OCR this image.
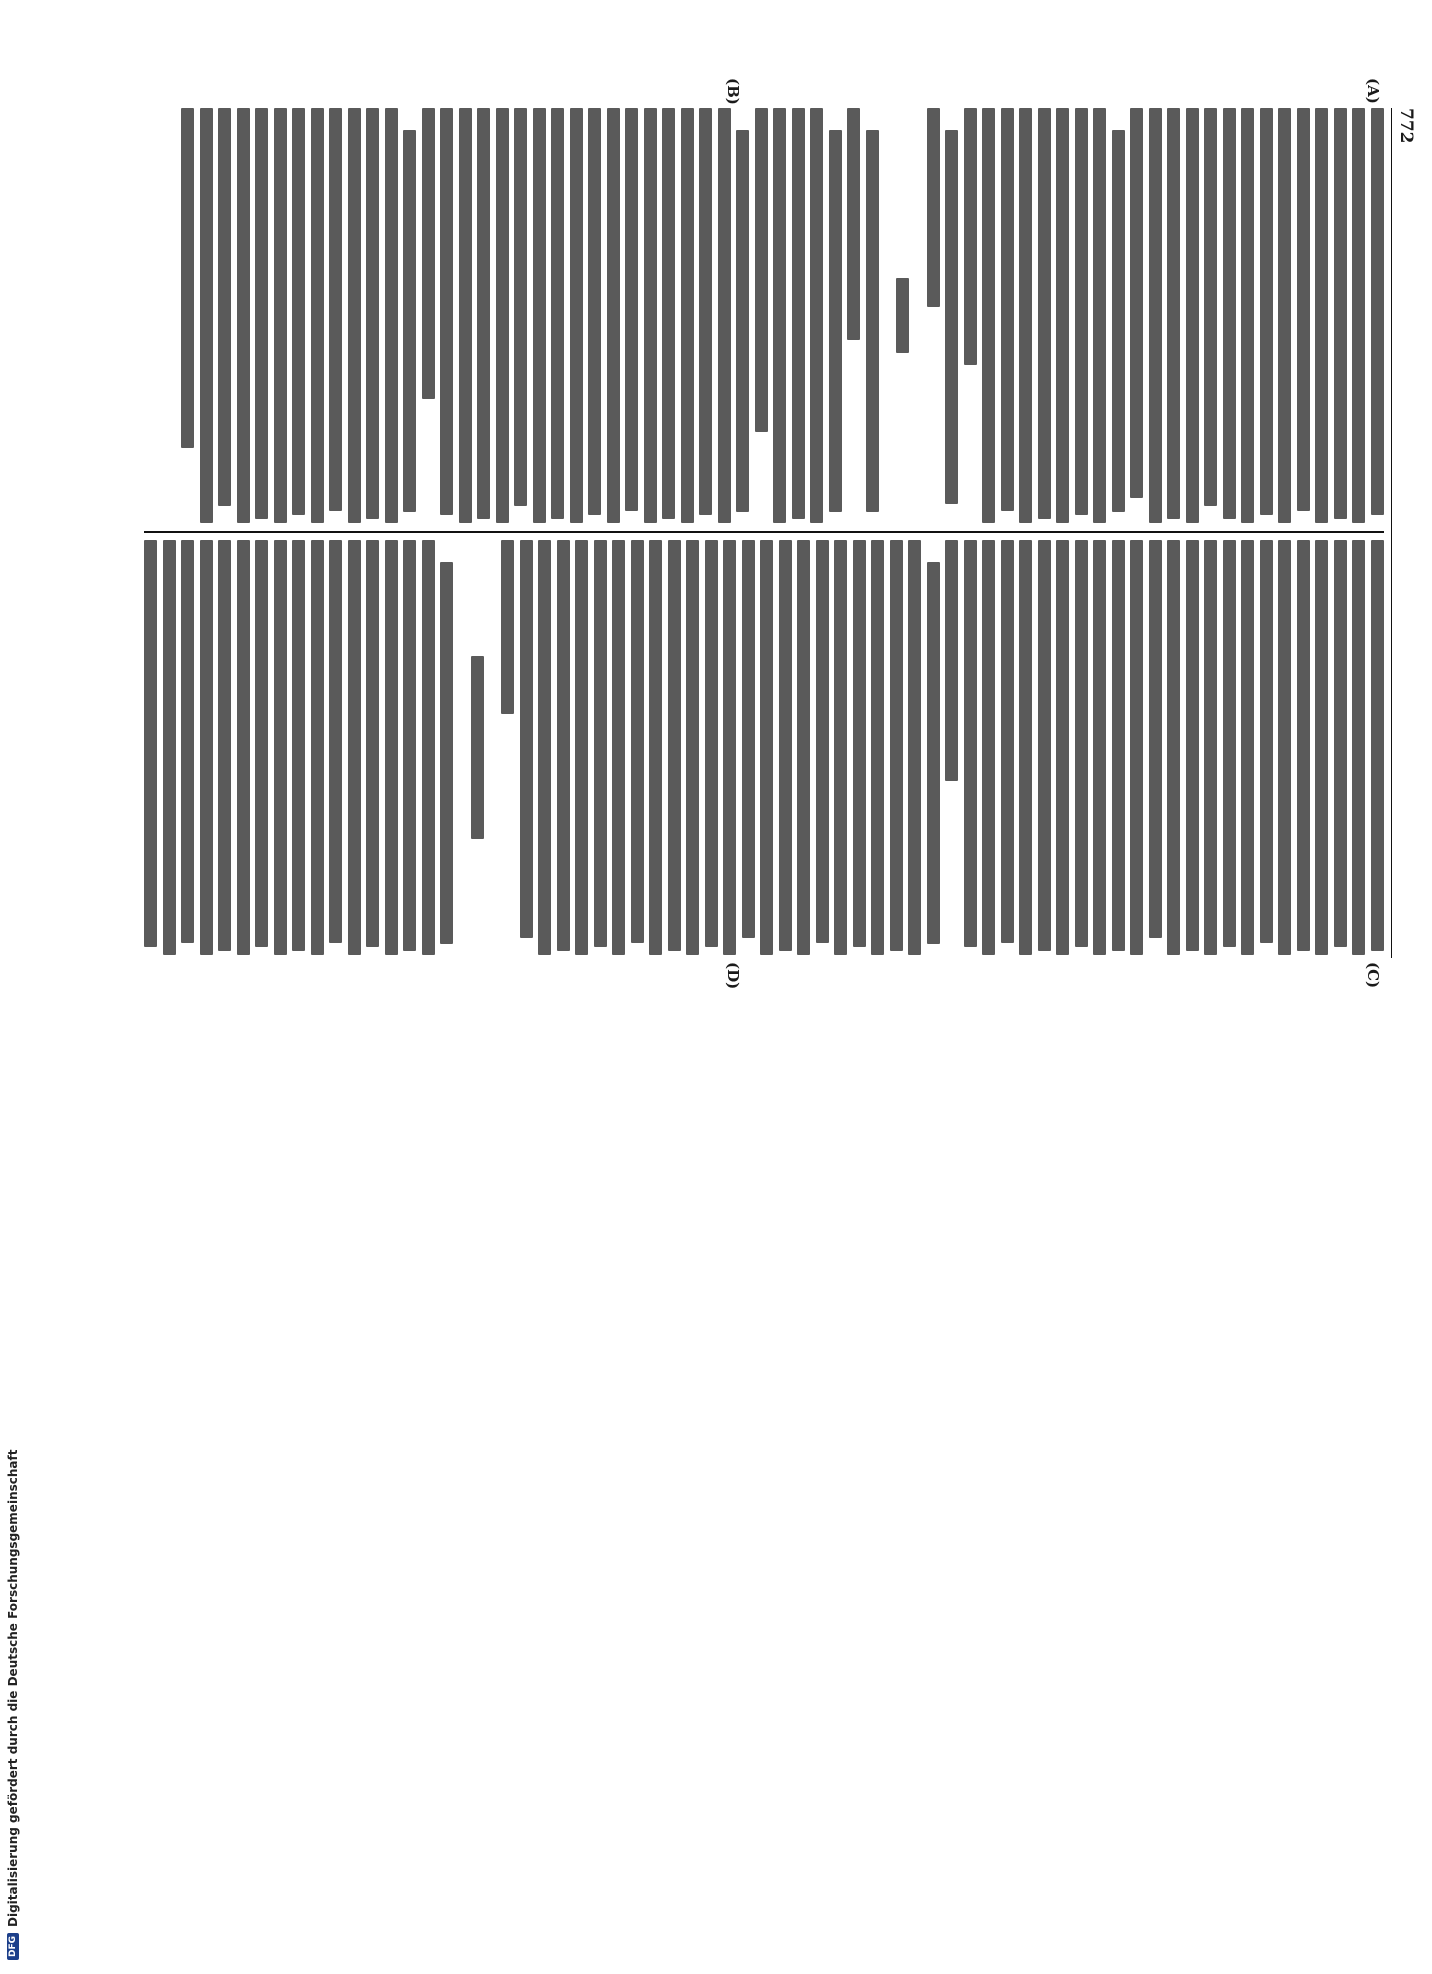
772
(A)
(B)
(C)
(D)
DFG
Digitalisierung gefördert durch die Deutsche Forschungsgemeinschaft
